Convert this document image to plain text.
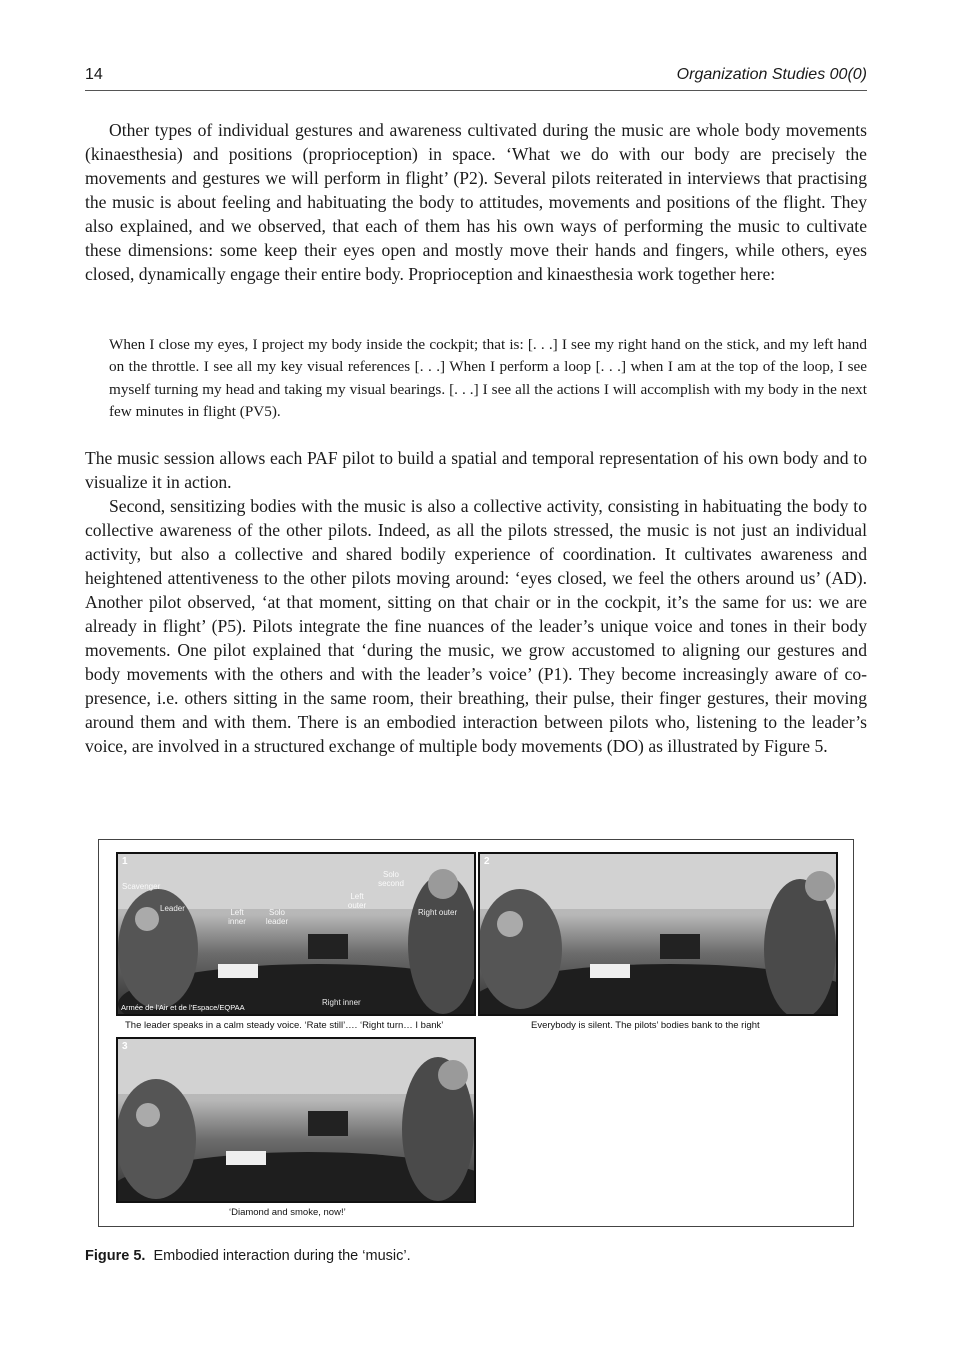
14	Organization Studies 00(0)

Other types of individual gestures and awareness cultivated during the music are whole body movements (kinaesthesia) and positions (proprioception) in space. ‘What we do with our body are precisely the movements and gestures we will perform in flight’ (P2). Several pilots reiterated in interviews that practising the music is about feeling and habituating the body to attitudes, movements and positions of the flight. They also explained, and we observed, that each of them has his own ways of performing the music to cultivate these dimensions: some keep their eyes open and mostly move their hands and fingers, while others, eyes closed, dynamically engage their entire body. Proprioception and kinaesthesia work together here:

When I close my eyes, I project my body inside the cockpit; that is: [. . .] I see my right hand on the stick, and my left hand on the throttle. I see all my key visual references [. . .] When I perform a loop [. . .] when I am at the top of the loop, I see myself turning my head and taking my visual bearings. [. . .] I see all the actions I will accomplish with my body in the next few minutes in flight (PV5).

The music session allows each PAF pilot to build a spatial and temporal representation of his own body and to visualize it in action.

Second, sensitizing bodies with the music is also a collective activity, consisting in habituating the body to collective awareness of the other pilots. Indeed, as all the pilots stressed, the music is not just an individual activity, but also a collective and shared bodily experience of coordination. It cultivates awareness and heightened attentiveness to the other pilots moving around: ‘eyes closed, we feel the others around us’ (AD). Another pilot observed, ‘at that moment, sitting on that chair or in the cockpit, it’s the same for us: we are already in flight’ (P5). Pilots integrate the fine nuances of the leader’s unique voice and tones in their body movements. One pilot explained that ‘during the music, we grow accustomed to aligning our gestures and body movements with the others and with the leader’s voice’ (P1). They become increasingly aware of co-presence, i.e. others sitting in the same room, their breathing, their pulse, their finger gestures, their moving around them and with them. There is an embodied interaction between pilots who, listening to the leader’s voice, are involved in a structured exchange of multiple body movements (DO) as illustrated by Figure 5.

1
Scavenger
Leader	Left inner
Solo leader
Solo second
Left outer
Right outer
Right inner
Armée de l’Air et de l’Espace/EQPAA
The leader speaks in a calm steady voice. ‘Rate still’…. ‘Right turn… I bank’
2
Everybody is silent. The pilots’ bodies bank to the right
3
‘Diamond and smoke, now!’
Figure 5. Embodied interaction during the ‘music’.
